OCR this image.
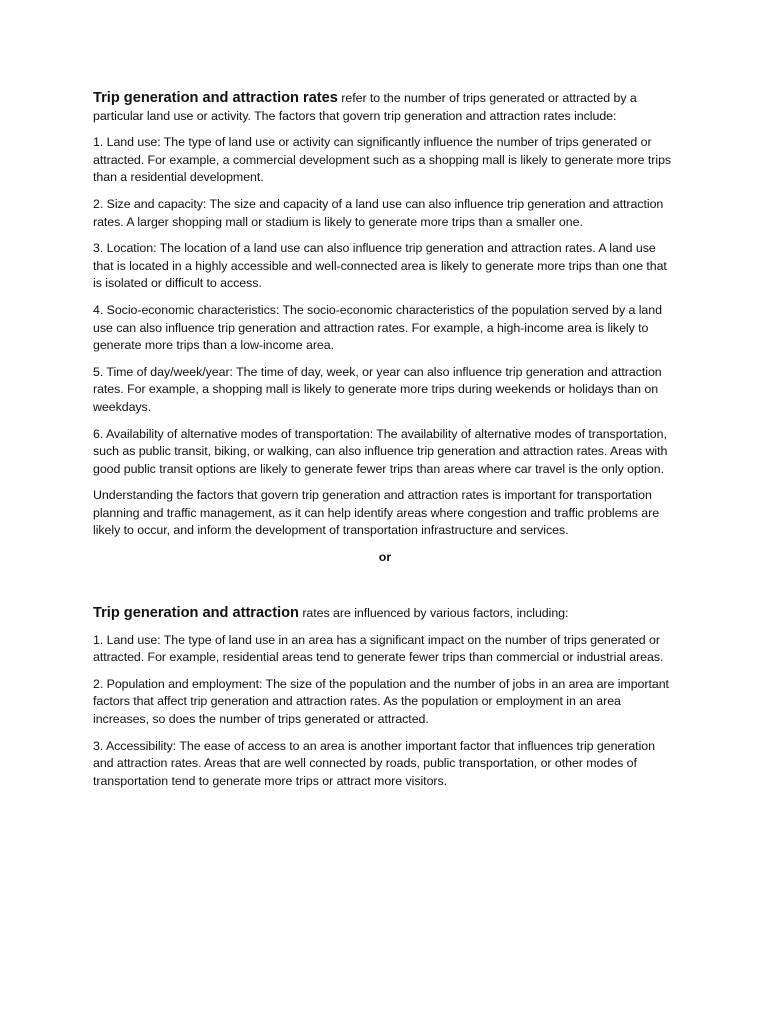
Trip generation and attraction rates refer to the number of trips generated or attracted by a particular land use or activity. The factors that govern trip generation and attraction rates include:

1. Land use: The type of land use or activity can significantly influence the number of trips generated or attracted. For example, a commercial development such as a shopping mall is likely to generate more trips than a residential development.

2. Size and capacity: The size and capacity of a land use can also influence trip generation and attraction rates. A larger shopping mall or stadium is likely to generate more trips than a smaller one.

3. Location: The location of a land use can also influence trip generation and attraction rates. A land use that is located in a highly accessible and well-connected area is likely to generate more trips than one that is isolated or difficult to access.

4. Socio-economic characteristics: The socio-economic characteristics of the population served by a land use can also influence trip generation and attraction rates. For example, a high-income area is likely to generate more trips than a low-income area.

5. Time of day/week/year: The time of day, week, or year can also influence trip generation and attraction rates. For example, a shopping mall is likely to generate more trips during weekends or holidays than on weekdays.

6. Availability of alternative modes of transportation: The availability of alternative modes of transportation, such as public transit, biking, or walking, can also influence trip generation and attraction rates. Areas with good public transit options are likely to generate fewer trips than areas where car travel is the only option.

Understanding the factors that govern trip generation and attraction rates is important for transportation planning and traffic management, as it can help identify areas where congestion and traffic problems are likely to occur, and inform the development of transportation infrastructure and services.

or

Trip generation and attraction rates are influenced by various factors, including:

1. Land use: The type of land use in an area has a significant impact on the number of trips generated or attracted. For example, residential areas tend to generate fewer trips than commercial or industrial areas.

2. Population and employment: The size of the population and the number of jobs in an area are important factors that affect trip generation and attraction rates. As the population or employment in an area increases, so does the number of trips generated or attracted.

3. Accessibility: The ease of access to an area is another important factor that influences trip generation and attraction rates. Areas that are well connected by roads, public transportation, or other modes of transportation tend to generate more trips or attract more visitors.
